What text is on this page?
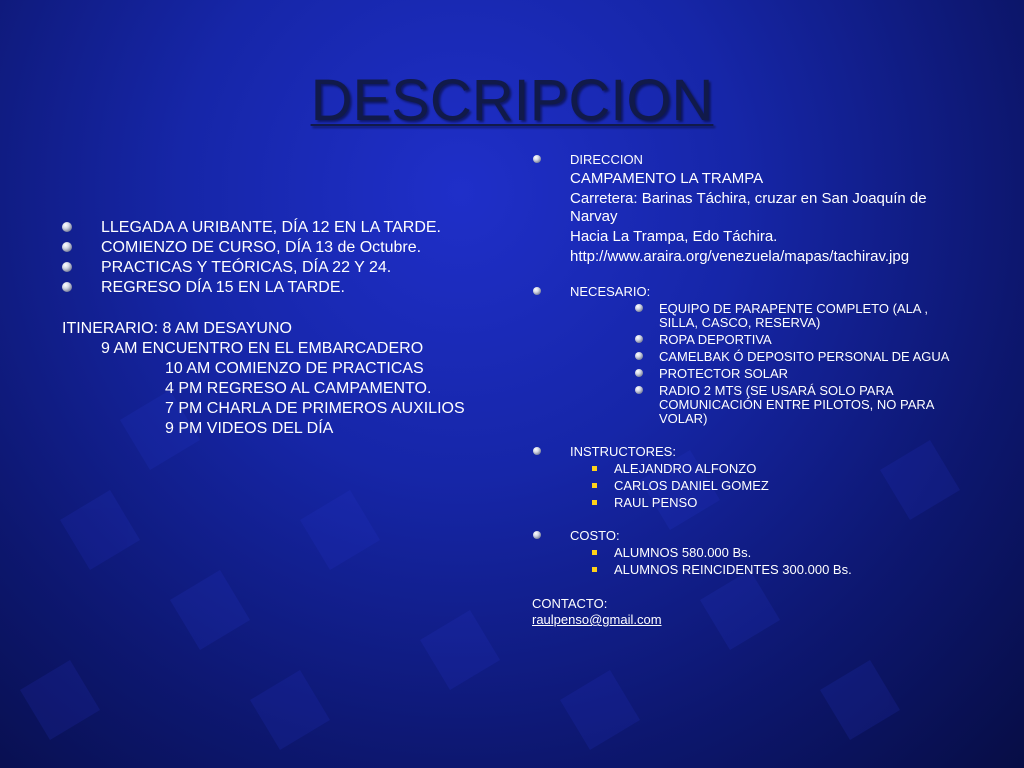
DESCRIPCION

LLEGADA A URIBANTE, DÍA 12 EN LA TARDE.

COMIENZO DE CURSO, DÍA 13 de Octubre.

PRACTICAS Y TEÓRICAS, DÍA 22 Y 24.

REGRESO DÍA 15 EN LA TARDE.

ITINERARIO: 8 AM DESAYUNO

9 AM ENCUENTRO EN EL EMBARCADERO

10 AM COMIENZO DE PRACTICAS

4 PM REGRESO AL CAMPAMENTO.

7 PM CHARLA DE PRIMEROS AUXILIOS

9 PM VIDEOS DEL DÍA

DIRECCION

CAMPAMENTO LA TRAMPA

Carretera: Barinas Táchira, cruzar en San Joaquín de Narvay

Hacia La Trampa, Edo Táchira.

http://www.araira.org/venezuela/mapas/tachirav.jpg

NECESARIO:

EQUIPO DE PARAPENTE COMPLETO (ALA , SILLA, CASCO, RESERVA)

ROPA DEPORTIVA

CAMELBAK Ó DEPOSITO PERSONAL DE AGUA

PROTECTOR SOLAR

RADIO 2 MTS (SE USARÁ SOLO PARA COMUNICACIÓN ENTRE PILOTOS, NO PARA VOLAR)

INSTRUCTORES:

ALEJANDRO ALFONZO

CARLOS DANIEL GOMEZ

RAUL PENSO

COSTO:

ALUMNOS 580.000 Bs.

ALUMNOS REINCIDENTES 300.000 Bs.

CONTACTO:

raulpenso@gmail.com
